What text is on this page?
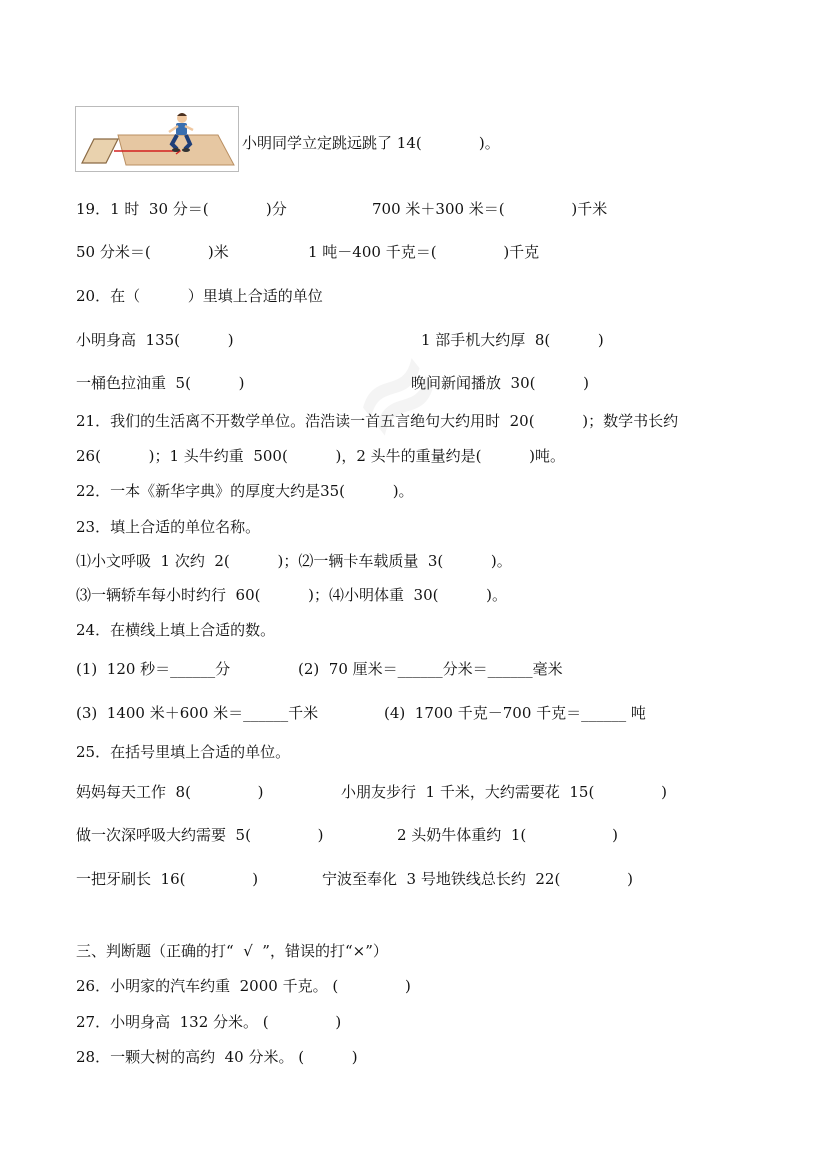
小明同学立定跳远跳了 14(            )。
19．1 时  30 分＝(            )分	700 米＋300 米＝(              )千米
50 分米＝(            )米	1 吨－400 千克＝(              )千克
20．在（          ）里填上合适的单位
小明身高  135(          )	1 部手机大约厚  8(          )
一桶色拉油重  5(          )	晚间新闻播放  30(          )
21．我们的生活离不开数学单位。浩浩读一首五言绝句大约用时  20(          )；数学书长约
26(          )；1 头牛约重  500(          )，2 头牛的重量约是(          )吨。
22．一本《新华字典》的厚度大约是35(          )。
23．填上合适的单位名称。
⑴小文呼吸  1 次约  2(          )；⑵一辆卡车载质量  3(          )。
⑶一辆轿车每小时约行  60(          )；⑷小明体重  30(          )。
24．在横线上填上合适的数。
(1)  120 秒＝______分	(2)  70 厘米＝______分米＝______毫米
(3)  1400 米＋600 米＝______千米	(4)  1700 千克－700 千克＝______ 吨
25．在括号里填上合适的单位。
妈妈每天工作  8(              )	小朋友步行  1 千米，大约需要花  15(              )
做一次深呼吸大约需要  5(              )	2 头奶牛体重约  1(                  )
一把牙刷长  16(              )	宁波至奉化  3 号地铁线总长约  22(              )
三、判断题（正确的打“  √  ”，错误的打“×”）
26．小明家的汽车约重  2000 千克。 (              )
27．小明身高  132 分米。 (              )
28．一颗大树的高约  40 分米。 (          )
